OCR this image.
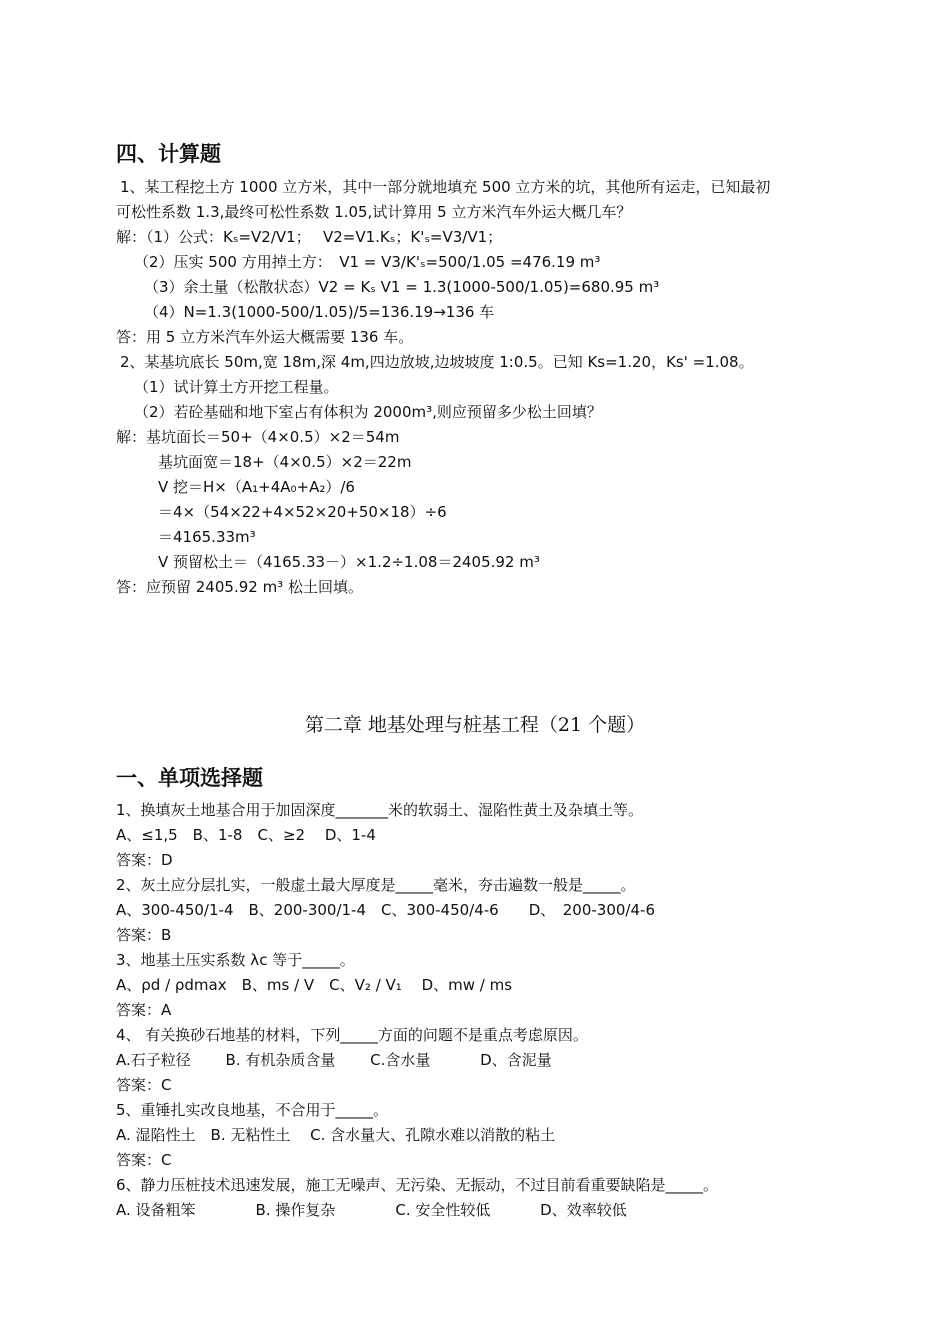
四、计算题
1、某工程挖土方 1000 立方米，其中一部分就地填充 500 立方米的坑，其他所有运走，已知最初
可松性系数 1.3,最终可松性系数 1.05,试计算用 5 立方米汽车外运大概几车？
解：（1）公式：Kₛ=V2/V1；　 V2=V1.Kₛ；K'ₛ=V3/V1；
（2）压实 500 方用掉土方：　V1 = V3/K'ₛ=500/1.05 =476.19 m³
（3）余土量（松散状态）V2 = Kₛ V1 = 1.3(1000-500/1.05)=680.95 m³
（4）N=1.3(1000-500/1.05)/5=136.19→136 车
答：用 5 立方米汽车外运大概需要 136 车。
2、某基坑底长 50m,宽 18m,深 4m,四边放坡,边坡坡度 1:0.5。已知 Ks=1.20，Ks' =1.08。
（1）试计算土方开挖工程量。
（2）若砼基础和地下室占有体积为 2000m³,则应预留多少松土回填？
解：基坑面长＝50+（4×0.5）×2＝54m
基坑面宽＝18+（4×0.5）×2＝22m
V 挖＝H×（A₁+4A₀+A₂）/6
＝4×（54×22+4×52×20+50×18）÷6
＝4165.33m³
V 预留松土＝（4165.33－）×1.2÷1.08＝2405.92 m³
答：应预留 2405.92 m³ 松土回填。
第二章 地基处理与桩基工程（21 个题）
一、单项选择题
1、换填灰土地基合用于加固深度_______米的软弱土、湿陷性黄土及杂填土等。
A、≤1,5　B、1-8　C、≥2　 D、1-4
答案：D
2、灰土应分层扎实，一般虚土最大厚度是_____毫米，夯击遍数一般是_____。
A、300-450/1-4　B、200-300/1-4　C、300-450/4-6　　D、　200-300/4-6
答案：B
3、地基土压实系数 λc 等于_____。
A、ρd / ρdmax　B、ms / V　C、V₂ / V₁　 D、mw / ms
答案：A
4、 有关换砂石地基的材料，下列_____方面的问题不是重点考虑原因。
A.石子粒径　　 B. 有机杂质含量　　 C.含水量　　　 D、含泥量
答案：C
5、重锤扎实改良地基，不合用于_____。
A. 湿陷性土　B. 无粘性土　 C. 含水量大、孔隙水难以消散的粘土
答案：C
6、静力压桩技术迅速发展，施工无噪声、无污染、无振动，不过目前看重要缺陷是_____。
A. 设备粗笨　　　　B. 操作复杂　　　　C. 安全性较低　　　 D、效率较低
